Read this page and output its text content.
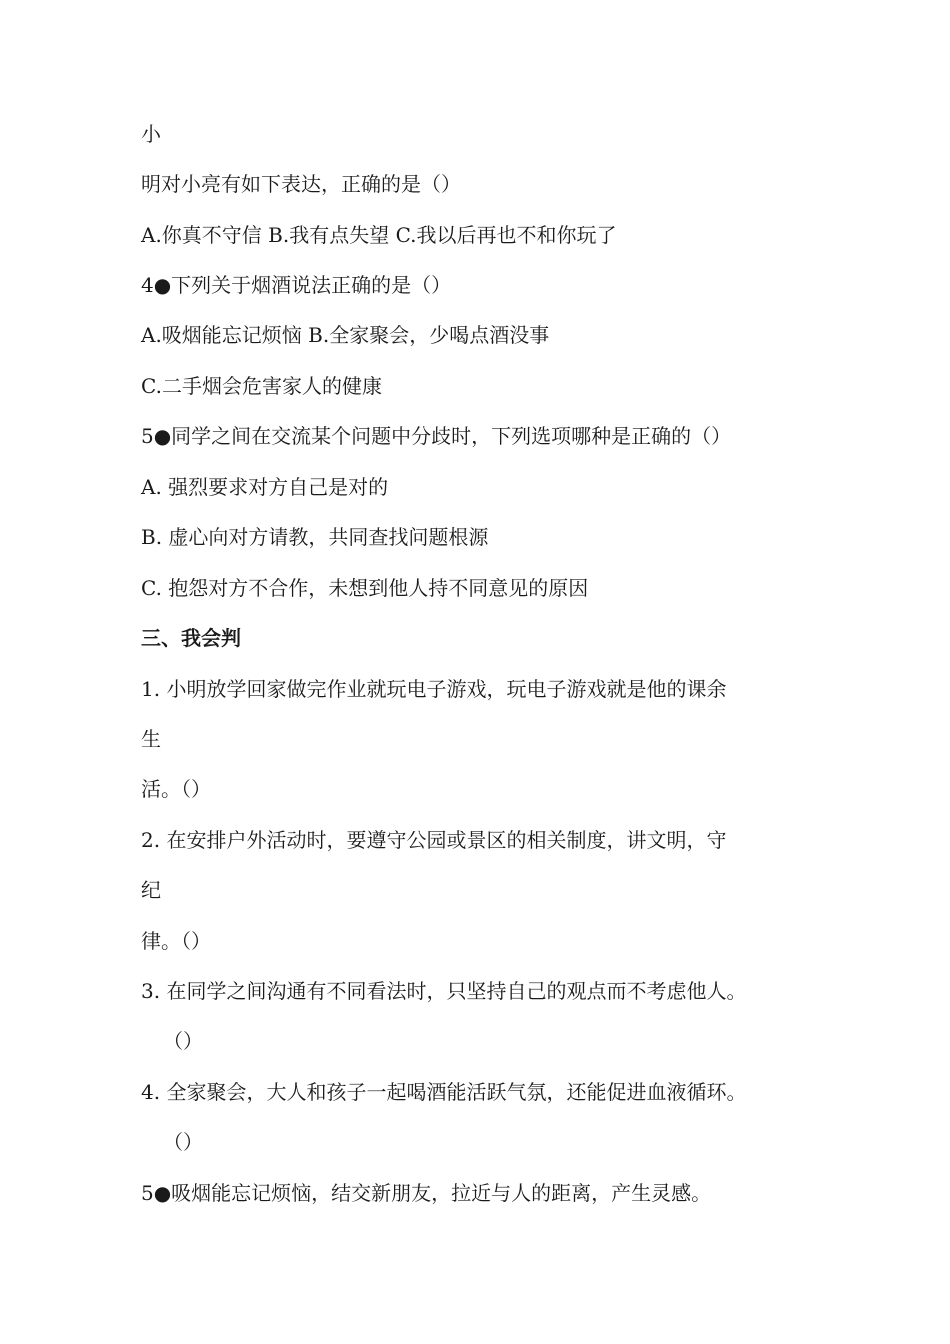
小
明对小亮有如下表达，正确的是（）
A.你真不守信 B.我有点失望 C.我以后再也不和你玩了
4●下列关于烟酒说法正确的是（）
A.吸烟能忘记烦恼 B.全家聚会，少喝点酒没事
C.二手烟会危害家人的健康
5●同学之间在交流某个问题中分歧时，下列选项哪种是正确的（）
A. 强烈要求对方自己是对的
B. 虚心向对方请教，共同查找问题根源
C. 抱怨对方不合作，未想到他人持不同意见的原因
三、我会判
1. 小明放学回家做完作业就玩电子游戏，玩电子游戏就是他的课余
生
活。（）
2. 在安排户外活动时，要遵守公园或景区的相关制度，讲文明，守
纪
律。（）
3. 在同学之间沟通有不同看法时，只坚持自己的观点而不考虑他人。
（）
4. 全家聚会，大人和孩子一起喝酒能活跃气氛，还能促进血液循环。
（）
5●吸烟能忘记烦恼，结交新朋友，拉近与人的距离，产生灵感。
